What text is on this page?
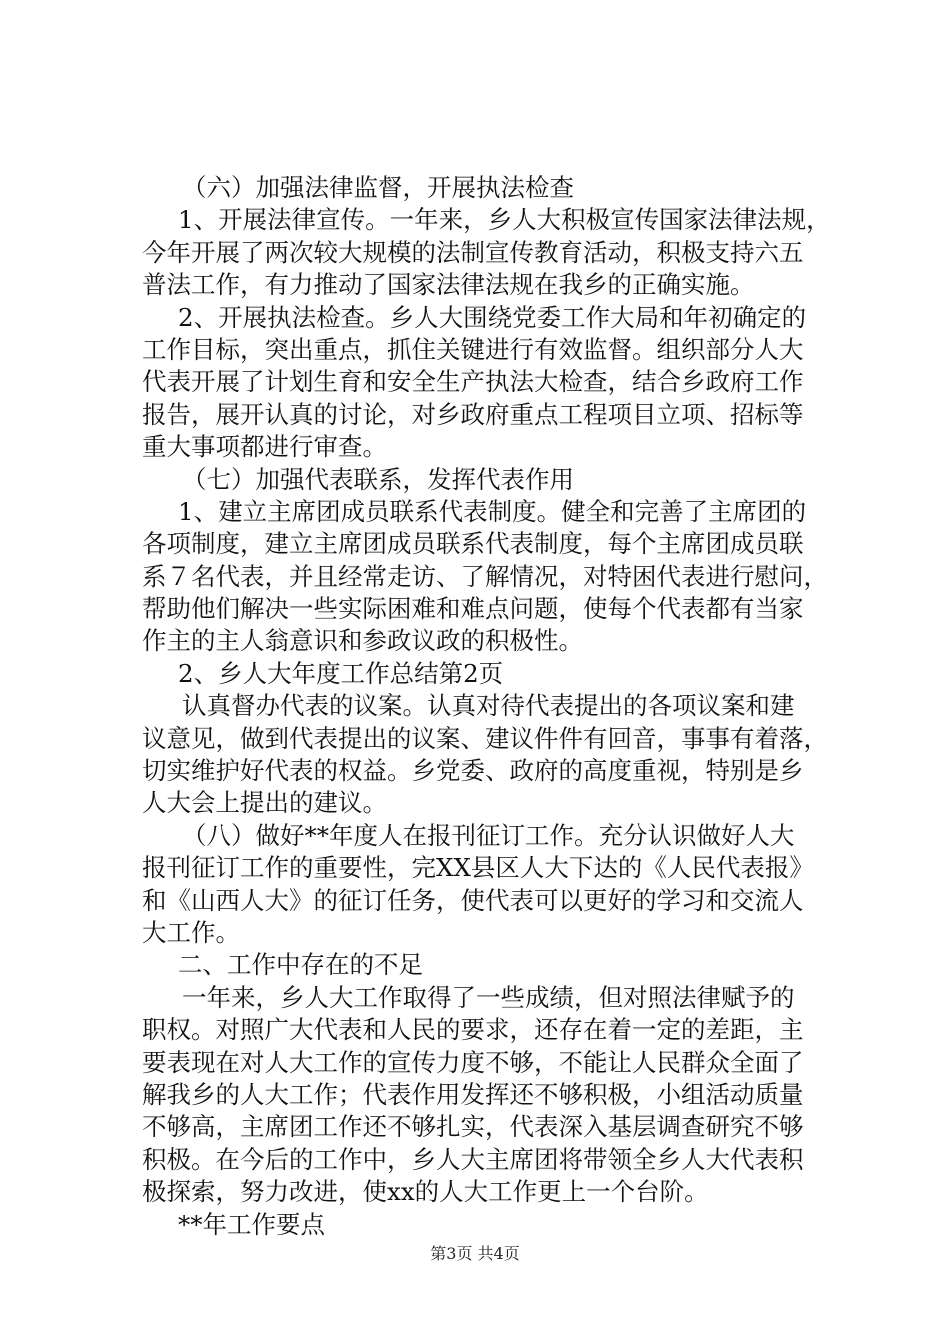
（六）加强法律监督，开展执法检查
1、开展法律宣传。一年来，乡人大积极宣传国家法律法规，
今年开展了两次较大规模的法制宣传教育活动，积极支持六五
普法工作，有力推动了国家法律法规在我乡的正确实施。
2、开展执法检查。乡人大围绕党委工作大局和年初确定的
工作目标，突出重点，抓住关键进行有效监督。组织部分人大
代表开展了计划生育和安全生产执法大检查，结合乡政府工作
报告，展开认真的讨论，对乡政府重点工程项目立项、招标等
重大事项都进行审查。
（七）加强代表联系，发挥代表作用
1、建立主席团成员联系代表制度。健全和完善了主席团的
各项制度，建立主席团成员联系代表制度，每个主席团成员联
系７名代表，并且经常走访、了解情况，对特困代表进行慰问，
帮助他们解决一些实际困难和难点问题，使每个代表都有当家
作主的主人翁意识和参政议政的积极性。
2、乡人大年度工作总结第2页
认真督办代表的议案。认真对待代表提出的各项议案和建
议意见，做到代表提出的议案、建议件件有回音，事事有着落，
切实维护好代表的权益。乡党委、政府的高度重视，特别是乡
人大会上提出的建议。
（八）做好**年度人在报刊征订工作。充分认识做好人大
报刊征订工作的重要性，完XX县区人大下达的《人民代表报》
和《山西人大》的征订任务，使代表可以更好的学习和交流人
大工作。
二、工作中存在的不足
一年来，乡人大工作取得了一些成绩，但对照法律赋予的
职权。对照广大代表和人民的要求，还存在着一定的差距，主
要表现在对人大工作的宣传力度不够，不能让人民群众全面了
解我乡的人大工作；代表作用发挥还不够积极，小组活动质量
不够高，主席团工作还不够扎实，代表深入基层调查研究不够
积极。在今后的工作中，乡人大主席团将带领全乡人大代表积
极探索，努力改进，使xx的人大工作更上一个台阶。
**年工作要点
第3页 共4页
